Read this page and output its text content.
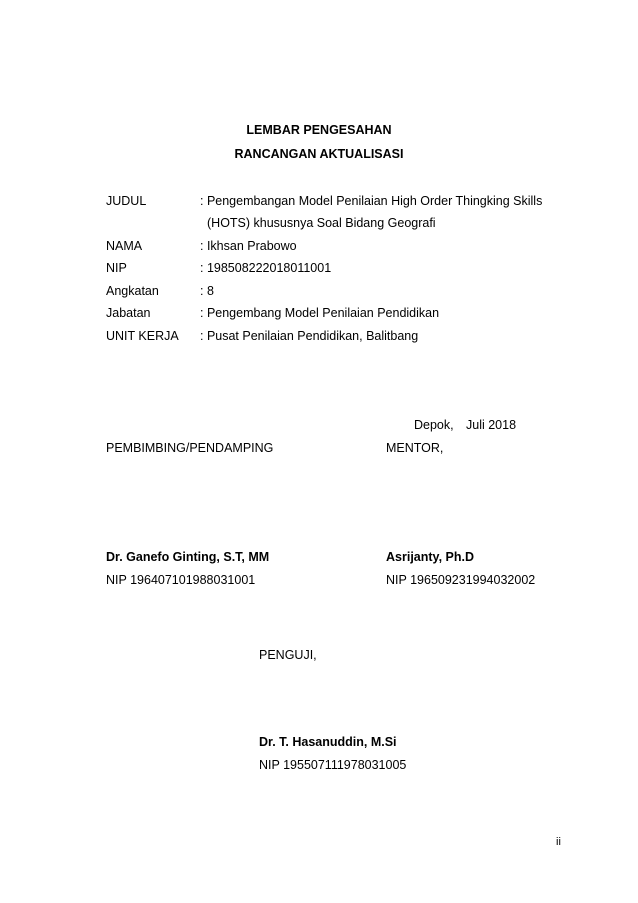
LEMBAR PENGESAHAN
RANCANGAN AKTUALISASI
JUDUL	: Pengembangan Model Penilaian High Order Thingking Skills
(HOTS) khususnya Soal Bidang Geografi
NAMA	: Ikhsan Prabowo
NIP	: 198508222018011001
Angkatan	: 8
Jabatan	: Pengembang Model Penilaian Pendidikan
UNIT KERJA : Pusat Penilaian Pendidikan, Balitbang
Depok, Juli 2018
PEMBIMBING/PENDAMPING	MENTOR,
Dr. Ganefo Ginting, S.T, MM	Asrijanty, Ph.D
NIP 196407101988031001	NIP 196509231994032002
PENGUJI,
Dr. T. Hasanuddin, M.Si
NIP 195507111978031005
ii
